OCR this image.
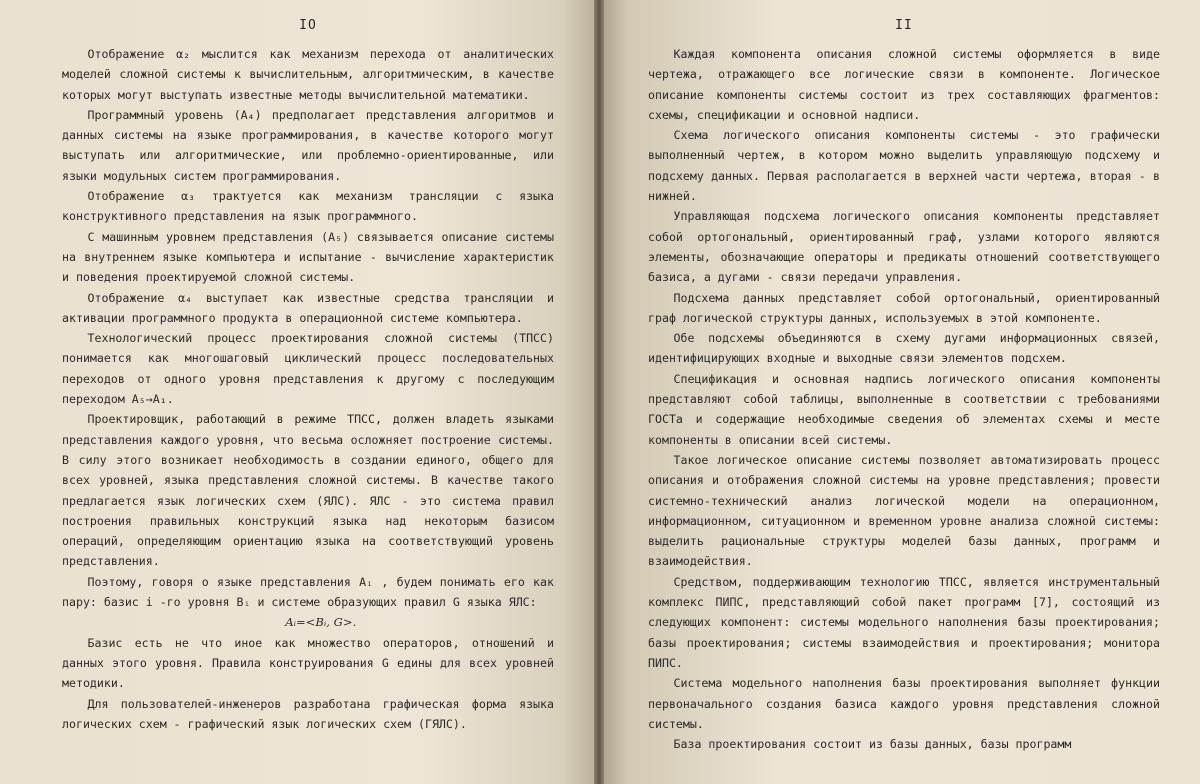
IO

Отображение α₂ мыслится как механизм перехода от аналитических моделей сложной системы к вычислительным, алгоритмическим, в качестве которых могут выступать известные методы вычислительной математики.

Программный уровень (A₄) предполагает представления алгоритмов и данных системы на языке программирования, в качестве которого могут выступать или алгоритмические, или проблемно-ориентированные, или языки модульных систем программирования.

Отображение α₃ трактуется как механизм трансляции с языка конструктивного представления на язык программного.

С машинным уровнем представления (A₅) связывается описание системы на внутреннем языке компьютера и испытание - вычисление характеристик и поведения проектируемой сложной системы.

Отображение α₄ выступает как известные средства трансляции и активации программного продукта в операционной системе компьютера.

Технологический процесс проектирования сложной системы (ТПСС) понимается как многошаговый циклический процесс последовательных переходов от одного уровня представления к другому с последующим переходом A₅→A₁.

Проектировщик, работающий в режиме ТПСС, должен владеть языками представления каждого уровня, что весьма осложняет построение системы. В силу этого возникает необходимость в создании единого, общего для всех уровней, языка представления сложной системы. В качестве такого предлагается язык логических схем (ЯЛС). ЯЛС - это система правил построения правильных конструкций языка над некоторым базисом операций, определяющим ориентацию языка на соответствующий уровень представления.

Поэтому, говоря о языке представления Aᵢ , будем понимать его как пару: базис i -го уровня Bᵢ и системе образующих правил G языка ЯЛС:

Aᵢ=<Bᵢ, G>.

Базис есть не что иное как множество операторов, отношений и данных этого уровня. Правила конструирования G едины для всех уровней методики.

Для пользователей-инженеров разработана графическая форма языка логических схем - графический язык логических схем (ГЯЛС).

II

Каждая компонента описания сложной системы оформляется в виде чертежа, отражающего все логические связи в компоненте. Логическое описание компоненты системы состоит из трех составляющих фрагментов: схемы, спецификации и основной надписи.

Схема логического описания компоненты системы - это графически выполненный чертеж, в котором можно выделить управляющую подсхему и подсхему данных. Первая располагается в верхней части чертежа, вторая - в нижней.

Управляющая подсхема логического описания компоненты представляет собой ортогональный, ориентированный граф, узлами которого являются элементы, обозначающие операторы и предикаты отношений соответствующего базиса, а дугами - связи передачи управления.

Подсхема данных представляет собой ортогональный, ориентированный граф логической структуры данных, используемых в этой компоненте.

Обе подсхемы объединяются в схему дугами информационных связей, идентифицирующих входные и выходные связи элементов подсхем.

Спецификация и основная надпись логического описания компоненты представляют собой таблицы, выполненные в соответствии с требованиями ГОСТа и содержащие необходимые сведения об элементах схемы и месте компоненты в описании всей системы.

Такое логическое описание системы позволяет автоматизировать процесс описания и отображения сложной системы на уровне представления; провести системно-технический анализ логической модели на операционном, информационном, ситуационном и временном уровне анализа сложной системы: выделить рациональные структуры моделей базы данных, программ и взаимодействия.

Средством, поддерживающим технологию ТПСС, является инструментальный комплекс ПИПС, представляющий собой пакет программ [7], состоящий из следующих компонент: системы модельного наполнения базы проектирования; базы проектирования; системы взаимодействия и проектирования; монитора ПИПС.

Система модельного наполнения базы проектирования выполняет функции первоначального создания базиса каждого уровня представления сложной системы.

База проектирования состоит из базы данных, базы программ
